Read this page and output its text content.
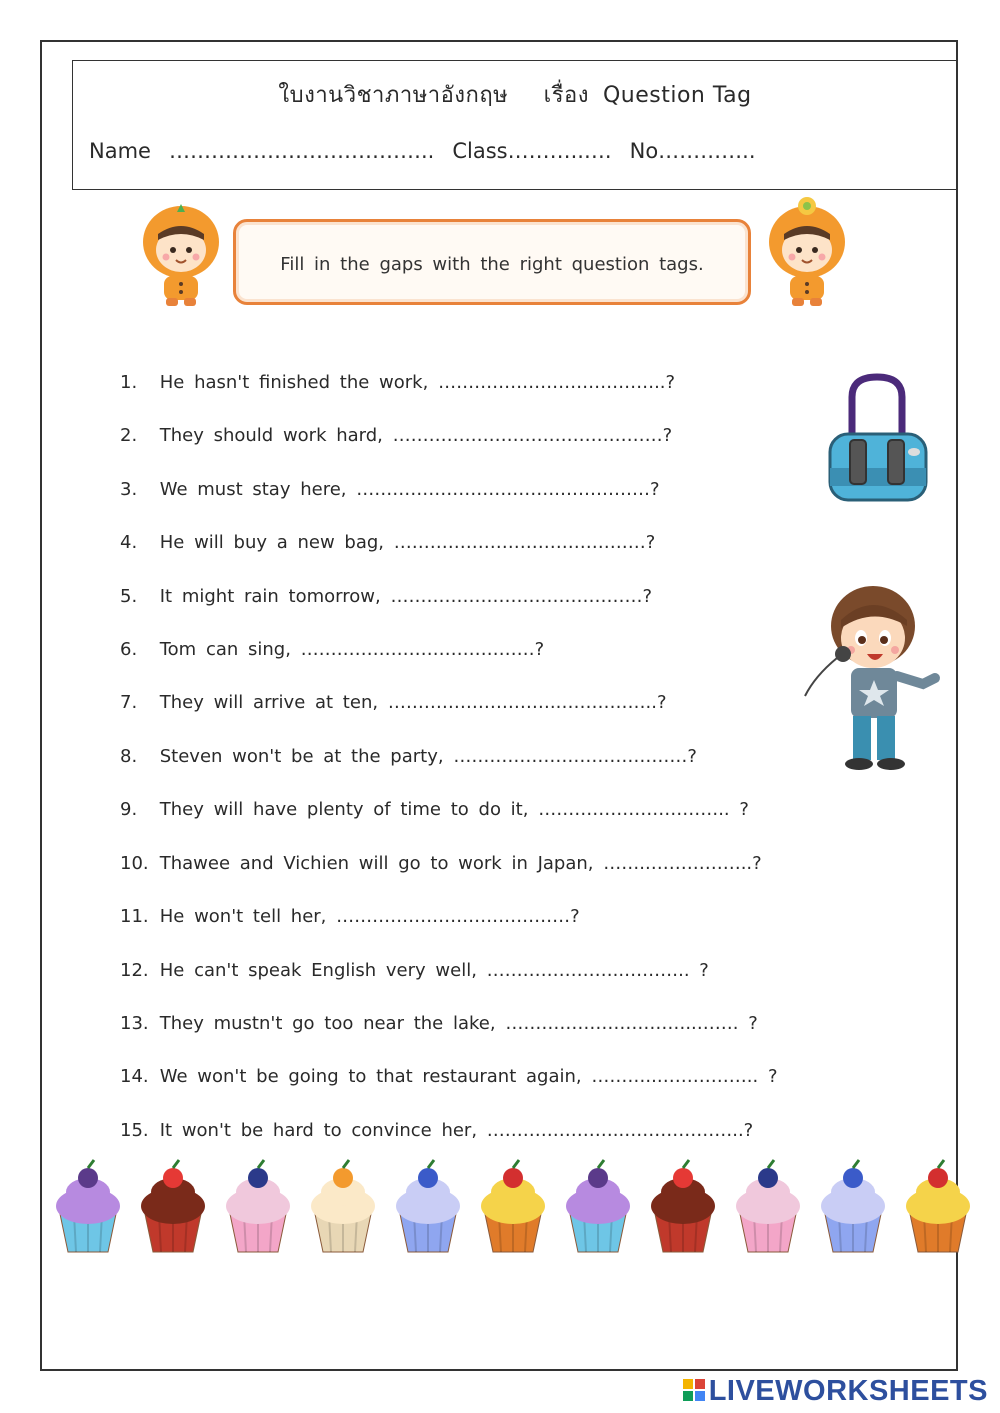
ใบงานวิชาภาษาอังกฤษ เรื่อง Question Tag
Name ……………………………….. Class………..…. No…………..
Fill in the gaps with the right question tags.
1. He hasn't finished the work, ………………………………..?
2. They should work hard, ………………………………………?
3. We must stay here, …………………………….……………?
4. He will buy a new bag, ……………………………………?
5. It might rain tomorrow, ……………………………………?
6. Tom can sing, …………………………………?
7. They will arrive at ten, ……………………….……………..?
8. Steven won't be at the party, …………………………………?
9. They will have plenty of time to do it, ………………………….. ?
10. Thawee and Vichien will go to work in Japan, ……..……………..?
11. He won't tell her, …………………………………?
12. He can't speak English very well, …………………..……….. ?
13. They mustn't go too near the lake, …………………………..……. ?
14. We won't be going to that restaurant again, ………..…………….. ?
15. It won't be hard to convince her, …………………..………………..?
LIVEWORKSHEETS
